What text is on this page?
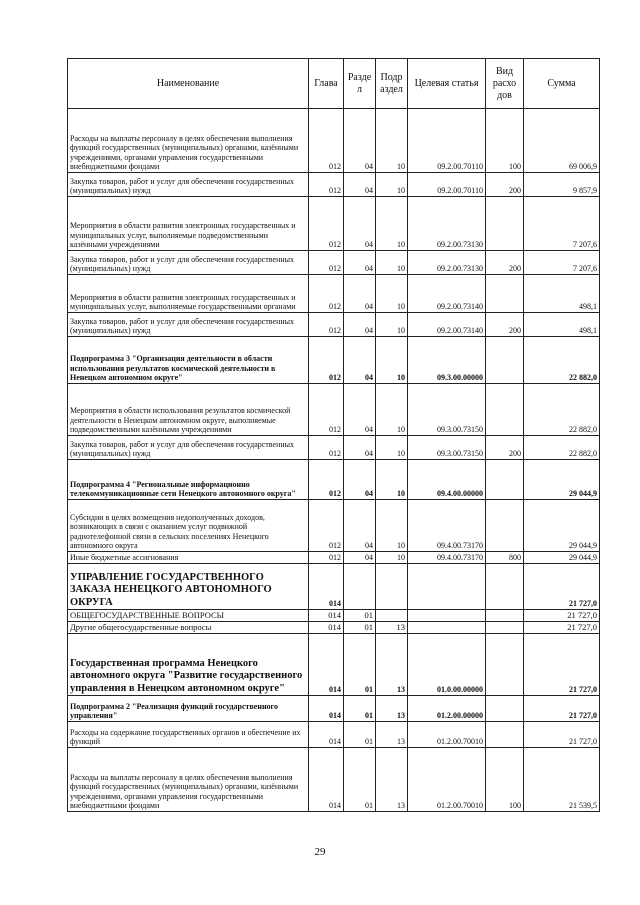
Наименование	Глава	Разде л	Подр аздел	Целевая статья	Вид расхо дов	Сумма
Расходы на выплаты персоналу в целях обеспечения выполнения функций государственных (муниципальных) органами, казёнными учреждениями, органами управления государственными внебюджетными фондами	012	04	10	09.2.00.70110	100	69 006,9
Закупка товаров, работ и услуг для обеспечения государственных (муниципальных) нужд	012	04	10	09.2.00.70110	200	9 857,9
Мероприятия в области развития электронных государственных и муниципальных услуг, выполняемые подведомственными казёнными учреждениями	012	04	10	09.2.00.73130		7 207,6
Закупка товаров, работ и услуг для обеспечения государственных (муниципальных) нужд	012	04	10	09.2.00.73130	200	7 207,6
Мероприятия в области развития электронных государственных и муниципальных услуг, выполняемые государственными органами	012	04	10	09.2.00.73140		498,1
Закупка товаров, работ и услуг для обеспечения государственных (муниципальных) нужд	012	04	10	09.2.00.73140	200	498,1
Подпрограмма 3 "Организация деятельности в области использования результатов космической деятельности в Ненецком автономном округе"	012	04	10	09.3.00.00000		22 882,0
Мероприятия в области использования результатов космической деятельности в Ненецком автономном округе, выполняемые подведомственными казёнными учреждениями	012	04	10	09.3.00.73150		22 882,0
Закупка товаров, работ и услуг для обеспечения государственных (муниципальных) нужд	012	04	10	09.3.00.73150	200	22 882,0
Подпрограмма 4 "Региональные информационно телекоммуникационные сети Ненецкого автономного округа"	012	04	10	09.4.00.00000		29 044,9
Субсидии в целях возмещения недополученных доходов, возникающих в связи с оказанием услуг подвижной радиотелефонной связи в сельских поселениях Ненецкого автономного округа	012	04	10	09.4.00.73170		29 044,9
Иные бюджетные ассигнования	012	04	10	09.4.00.73170	800	29 044,9
УПРАВЛЕНИЕ ГОСУДАРСТВЕННОГО ЗАКАЗА НЕНЕЦКОГО АВТОНОМНОГО ОКРУГА	014					21 727,0
ОБЩЕГОСУДАРСТВЕННЫЕ ВОПРОСЫ	014	01				21 727,0
Другие общегосударственные вопросы	014	01	13			21 727,0
Государственная программа Ненецкого автономного округа "Развитие государственного управления в Ненецком автономном округе"	014	01	13	01.0.00.00000		21 727,0
Подпрограмма 2 "Реализация функций государственного управления"	014	01	13	01.2.00.00000		21 727,0
Расходы на содержание государственных органов и обеспечение их функций	014	01	13	01.2.00.70010		21 727,0
Расходы на выплаты персоналу в целях обеспечения выполнения функций государственных (муниципальных) органами, казёнными учреждениями, органами управления государственными внебюджетными фондами	014	01	13	01.2.00.70010	100	21 539,5
29
